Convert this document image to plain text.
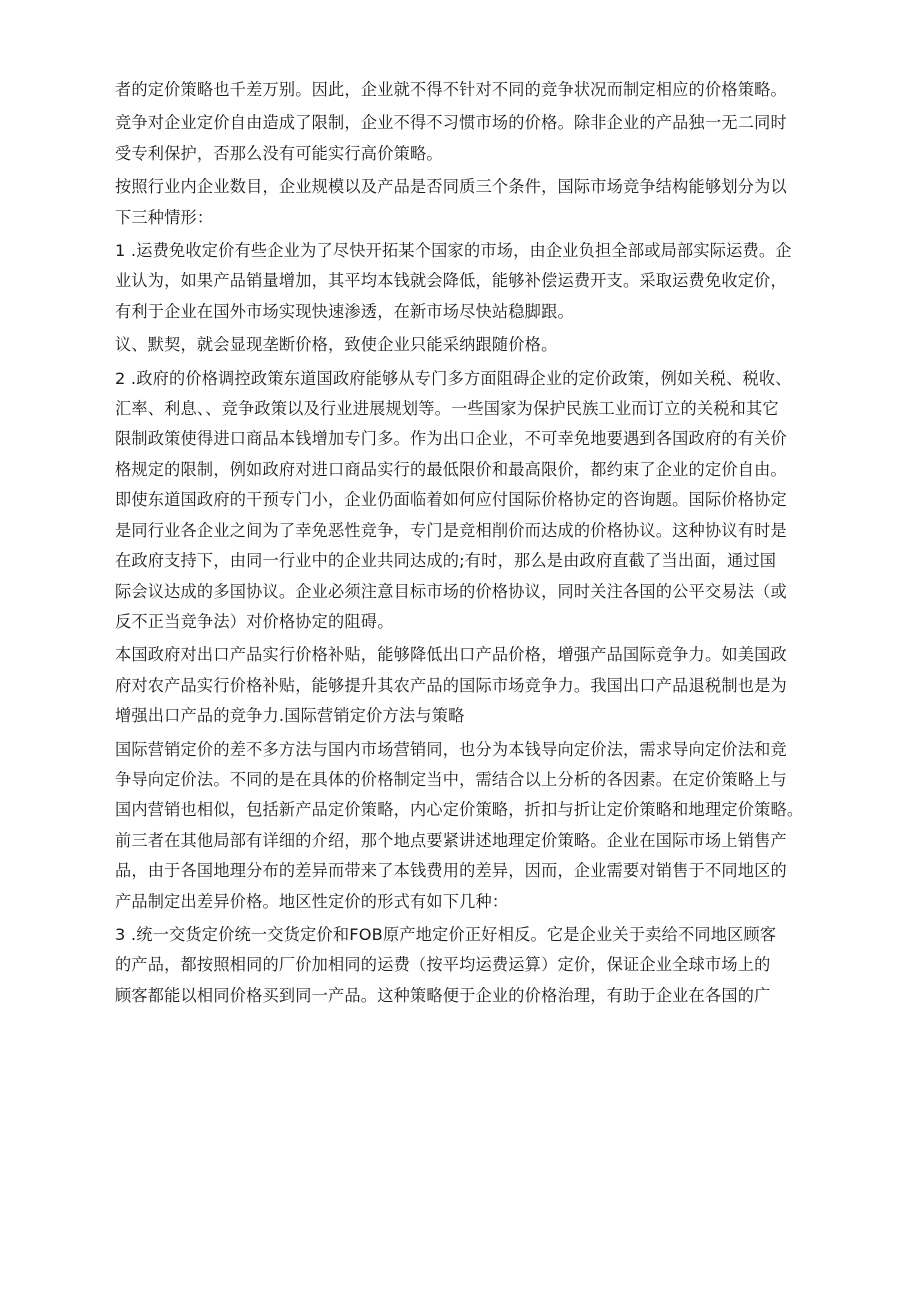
者的定价策略也千差万别。因此，企业就不得不针对不同的竞争状况而制定相应的价格策略。
竞争对企业定价自由造成了限制，企业不得不习惯市场的价格。除非企业的产品独一无二同时
受专利保护，否那么没有可能实行高价策略。
按照行业内企业数目，企业规模以及产品是否同质三个条件，国际市场竞争结构能够划分为以
下三种情形：
1 .运费免收定价有些企业为了尽快开拓某个国家的市场，由企业负担全部或局部实际运费。企
业认为，如果产品销量增加，其平均本钱就会降低，能够补偿运费开支。采取运费免收定价，
有利于企业在国外市场实现快速渗透，在新市场尽快站稳脚跟。
议、默契，就会显现垄断价格，致使企业只能采纳跟随价格。
2 .政府的价格调控政策东道国政府能够从专门多方面阻碍企业的定价政策，例如关税、税收、
汇率、利息、、竞争政策以及行业进展规划等。一些国家为保护民族工业而订立的关税和其它
限制政策使得进口商品本钱增加专门多。作为出口企业，不可幸免地要遇到各国政府的有关价
格规定的限制，例如政府对进口商品实行的最低限价和最高限价，都约束了企业的定价自由。
即使东道国政府的干预专门小，企业仍面临着如何应付国际价格协定的咨询题。国际价格协定
是同行业各企业之间为了幸免恶性竞争，专门是竞相削价而达成的价格协议。这种协议有时是
在政府支持下，由同一行业中的企业共同达成的;有时，那么是由政府直截了当出面，通过国
际会议达成的多国协议。企业必须注意目标市场的价格协议，同时关注各国的公平交易法（或
反不正当竞争法）对价格协定的阻碍。
本国政府对出口产品实行价格补贴，能够降低出口产品价格，增强产品国际竞争力。如美国政
府对农产品实行价格补贴，能够提升其农产品的国际市场竞争力。我国出口产品退税制也是为
增强出口产品的竞争力.国际营销定价方法与策略
国际营销定价的差不多方法与国内市场营销同，也分为本钱导向定价法，需求导向定价法和竞
争导向定价法。不同的是在具体的价格制定当中，需结合以上分析的各因素。在定价策略上与
国内营销也相似，包括新产品定价策略，内心定价策略，折扣与折让定价策略和地理定价策略。
前三者在其他局部有详细的介绍，那个地点要紧讲述地理定价策略。企业在国际市场上销售产
品，由于各国地理分布的差异而带来了本钱费用的差异，因而，企业需要对销售于不同地区的
产品制定出差异价格。地区性定价的形式有如下几种：
3 .统一交货定价统一交货定价和FOB原产地定价正好相反。它是企业关于卖给不同地区顾客
的产品，都按照相同的厂价加相同的运费（按平均运费运算）定价，保证企业全球市场上的
顾客都能以相同价格买到同一产品。这种策略便于企业的价格治理，有助于企业在各国的广
